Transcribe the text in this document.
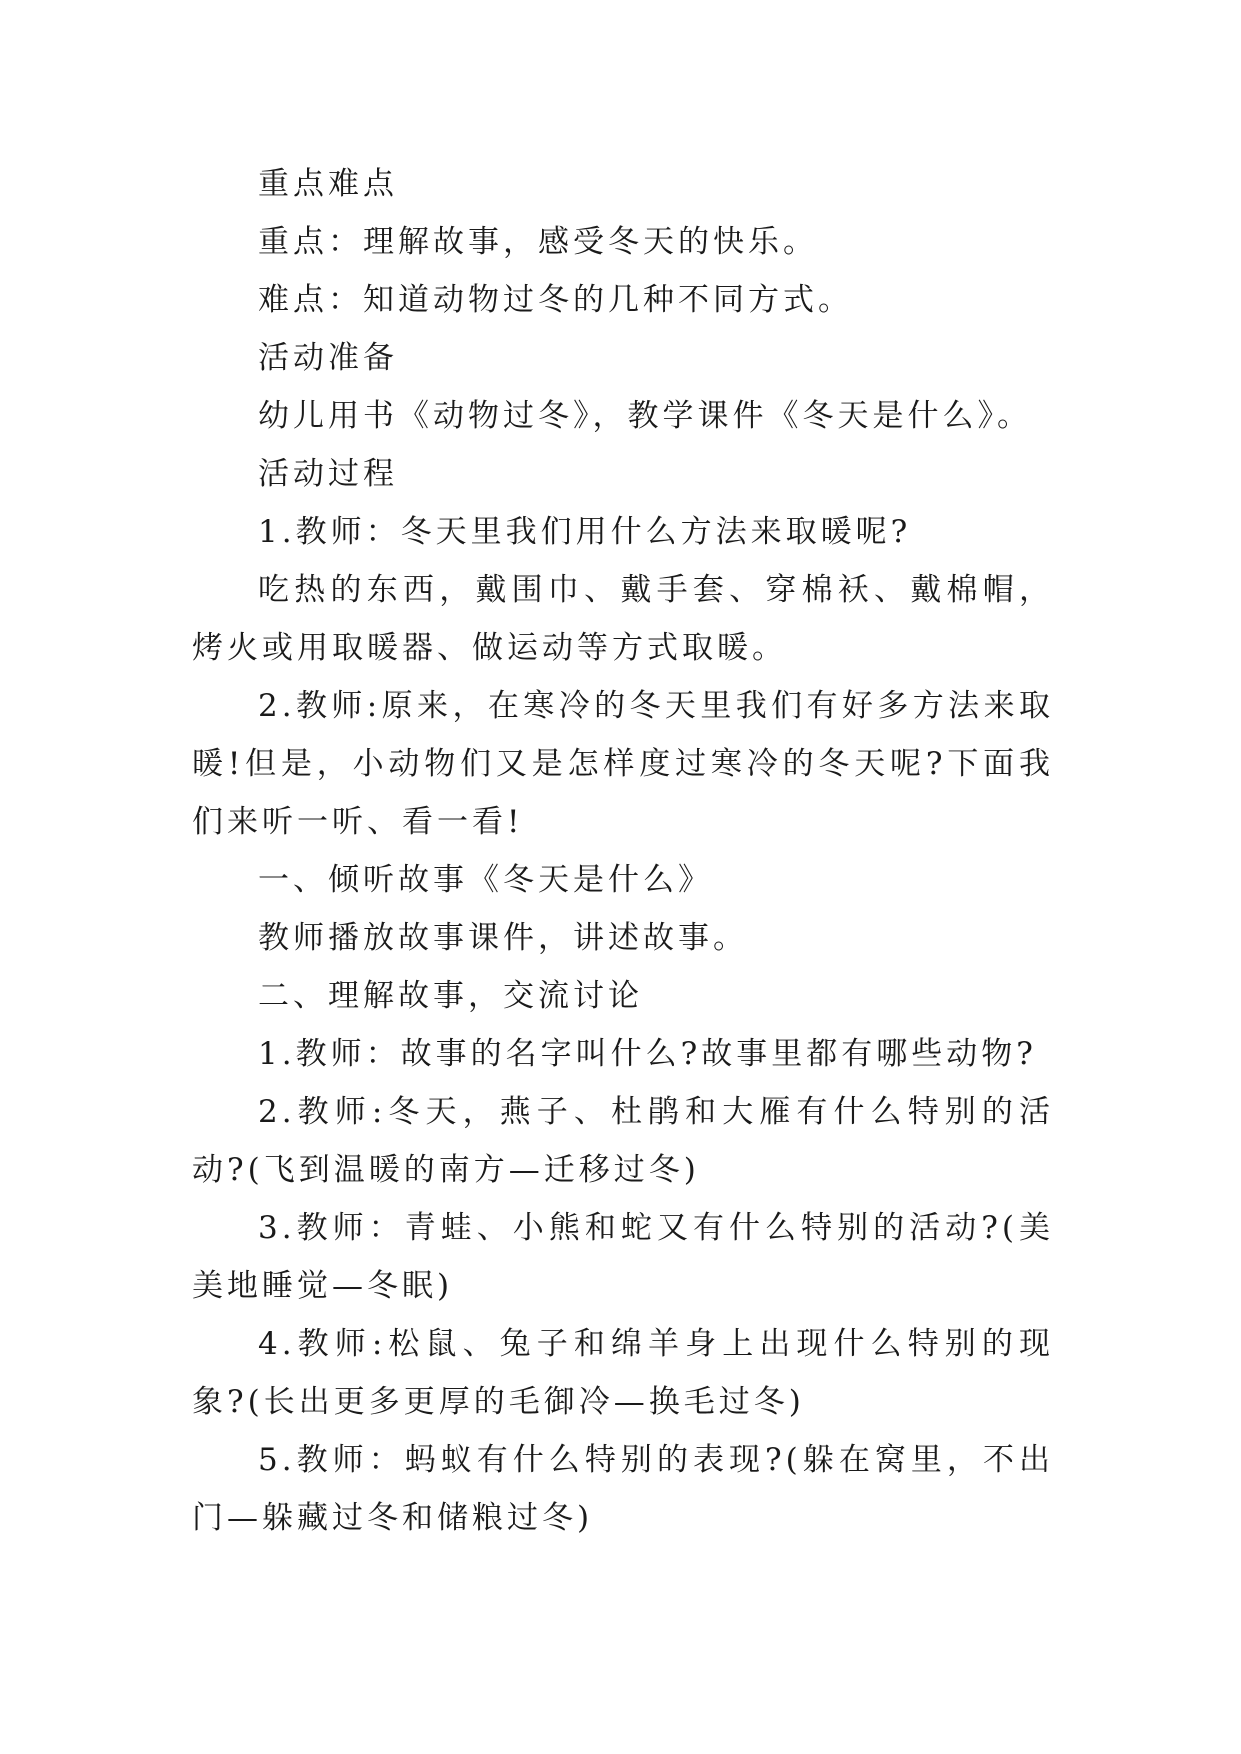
重点难点

重点：理解故事，感受冬天的快乐。

难点：知道动物过冬的几种不同方式。

活动准备

幼儿用书《动物过冬》，教学课件《冬天是什么》。

活动过程

1.教师：冬天里我们用什么方法来取暖呢?

吃热的东西，戴围巾、戴手套、穿棉袄、戴棉帽，烤火或用取暖器、做运动等方式取暖。

2.教师:原来，在寒冷的冬天里我们有好多方法来取暖!但是，小动物们又是怎样度过寒冷的冬天呢?下面我们来听一听、看一看!

一、倾听故事《冬天是什么》

教师播放故事课件，讲述故事。

二、理解故事，交流讨论

1.教师：故事的名字叫什么?故事里都有哪些动物?

2.教师:冬天，燕子、杜鹃和大雁有什么特别的活动?(飞到温暖的南方—迁移过冬)

3.教师：青蛙、小熊和蛇又有什么特别的活动?(美美地睡觉—冬眠)

4.教师:松鼠、兔子和绵羊身上出现什么特别的现象?(长出更多更厚的毛御冷—换毛过冬)

5.教师：蚂蚁有什么特别的表现?(躲在窝里，不出门—躲藏过冬和储粮过冬)
